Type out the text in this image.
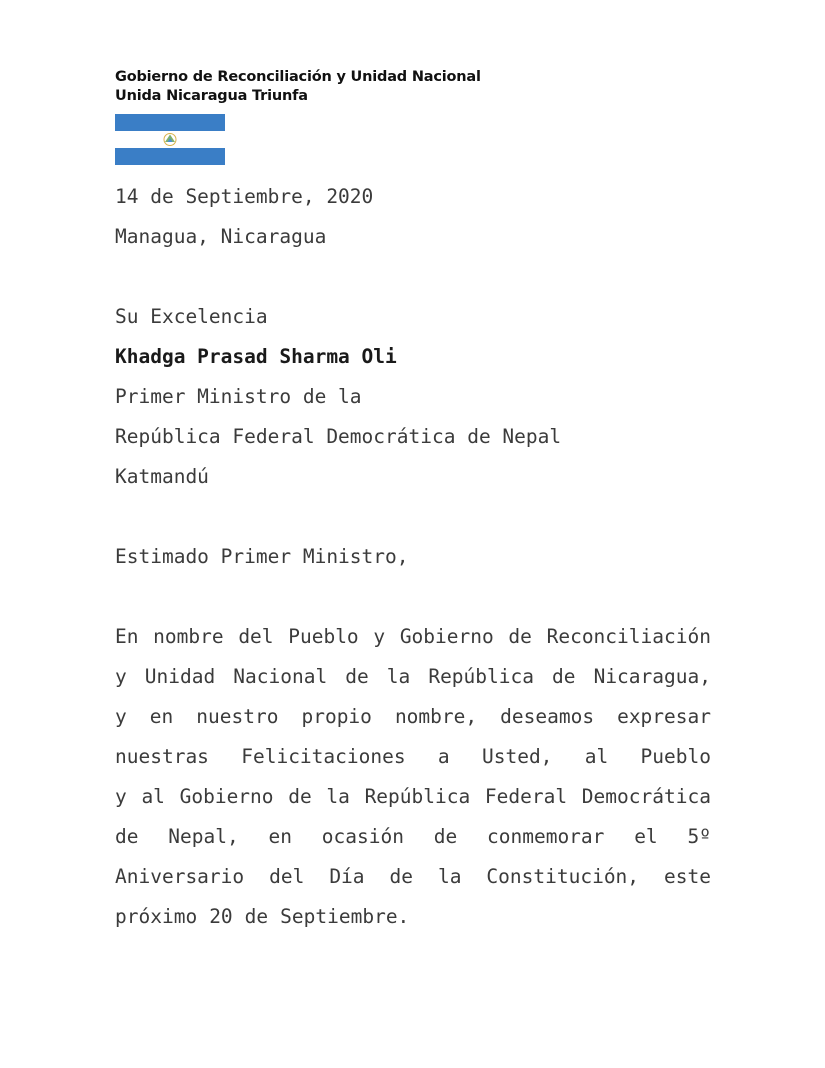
Gobierno de Reconciliación y Unidad Nacional
Unida Nicaragua Triunfa
14 de Septiembre, 2020
Managua, Nicaragua
Su Excelencia
Khadga Prasad Sharma Oli
Primer Ministro de la
República Federal Democrática de Nepal
Katmandú
Estimado Primer Ministro,
En nombre del Pueblo y Gobierno de Reconciliación
y Unidad Nacional de la República de Nicaragua,
y en nuestro propio nombre, deseamos expresar
nuestras Felicitaciones a Usted, al Pueblo
y al Gobierno de la República Federal Democrática
de Nepal, en ocasión de conmemorar el 5º
Aniversario del Día de la Constitución, este
próximo 20 de Septiembre.
